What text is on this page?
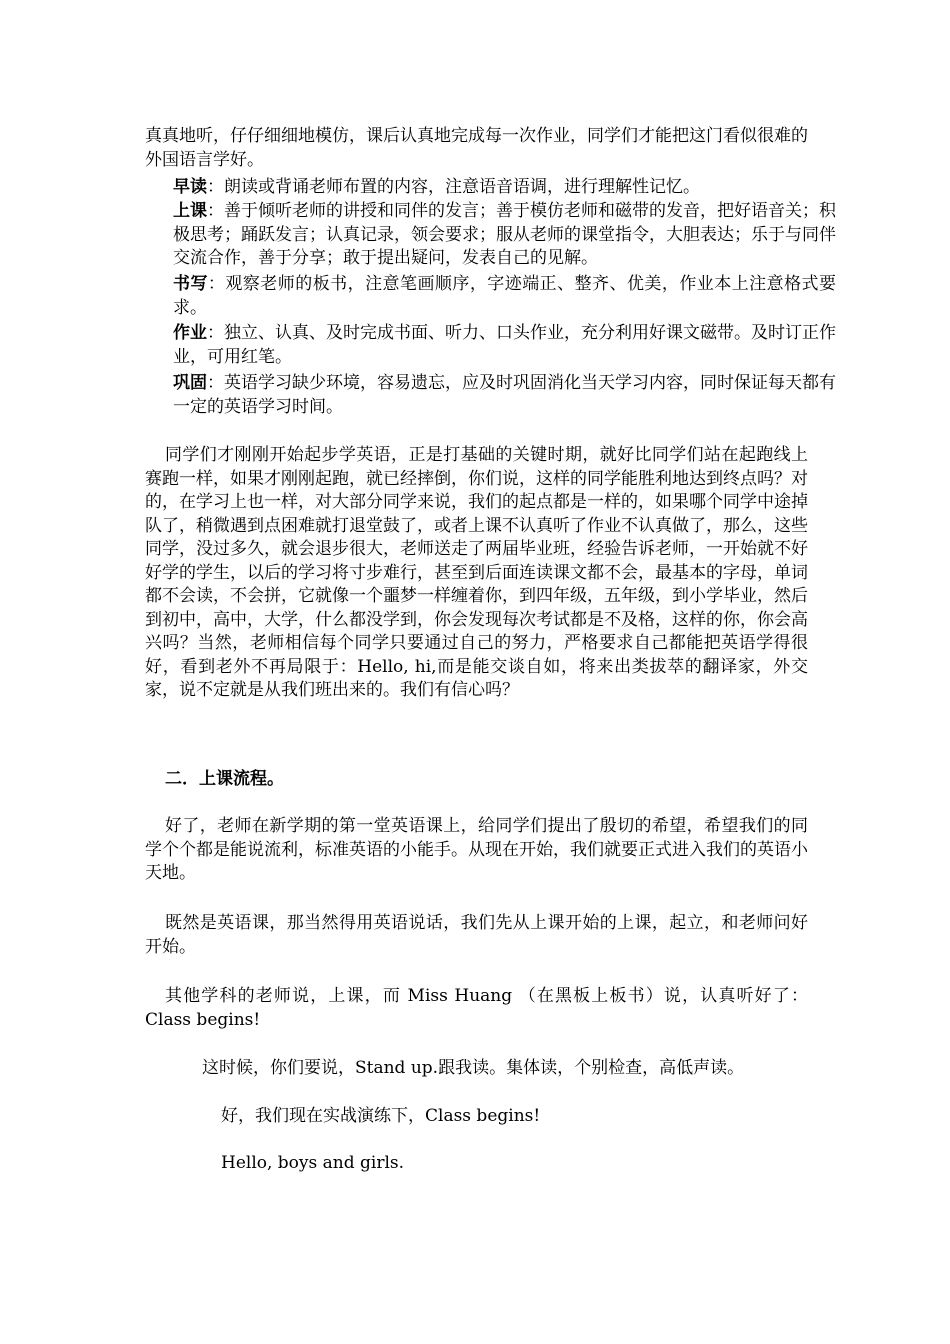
真真地听，仔仔细细地模仿，课后认真地完成每一次作业，同学们才能把这门看似很难的外国语言学好。

早读：朗读或背诵老师布置的内容，注意语音语调，进行理解性记忆。

上课：善于倾听老师的讲授和同伴的发言；善于模仿老师和磁带的发音，把好语音关；积极思考；踊跃发言；认真记录，领会要求；服从老师的课堂指令，大胆表达；乐于与同伴交流合作，善于分享；敢于提出疑问，发表自己的见解。

书写：观察老师的板书，注意笔画顺序，字迹端正、整齐、优美，作业本上注意格式要求。

作业：独立、认真、及时完成书面、听力、口头作业，充分利用好课文磁带。及时订正作业，可用红笔。

巩固：英语学习缺少环境，容易遗忘，应及时巩固消化当天学习内容，同时保证每天都有一定的英语学习时间。

同学们才刚刚开始起步学英语，正是打基础的关键时期，就好比同学们站在起跑线上赛跑一样，如果才刚刚起跑，就已经摔倒，你们说，这样的同学能胜利地达到终点吗？对的，在学习上也一样，对大部分同学来说，我们的起点都是一样的，如果哪个同学中途掉队了，稍微遇到点困难就打退堂鼓了，或者上课不认真听了作业不认真做了，那么，这些同学，没过多久，就会退步很大，老师送走了两届毕业班，经验告诉老师，一开始就不好好学的学生，以后的学习将寸步难行，甚至到后面连读课文都不会，最基本的字母，单词都不会读，不会拼，它就像一个噩梦一样缠着你，到四年级，五年级，到小学毕业，然后到初中，高中，大学，什么都没学到，你会发现每次考试都是不及格，这样的你，你会高兴吗？当然，老师相信每个同学只要通过自己的努力，严格要求自己都能把英语学得很好，看到老外不再局限于：Hello, hi,而是能交谈自如，将来出类拔萃的翻译家，外交家，说不定就是从我们班出来的。我们有信心吗？

二．上课流程。

好了，老师在新学期的第一堂英语课上，给同学们提出了殷切的希望，希望我们的同学个个都是能说流利，标准英语的小能手。从现在开始，我们就要正式进入我们的英语小天地。

既然是英语课，那当然得用英语说话，我们先从上课开始的上课，起立，和老师问好开始。

其他学科的老师说，上课，而 Miss Huang （在黑板上板书）说，认真听好了：Class begins!

这时候，你们要说，Stand up.跟我读。集体读，个别检查，高低声读。

好，我们现在实战演练下，Class begins!

Hello, boys and girls.
